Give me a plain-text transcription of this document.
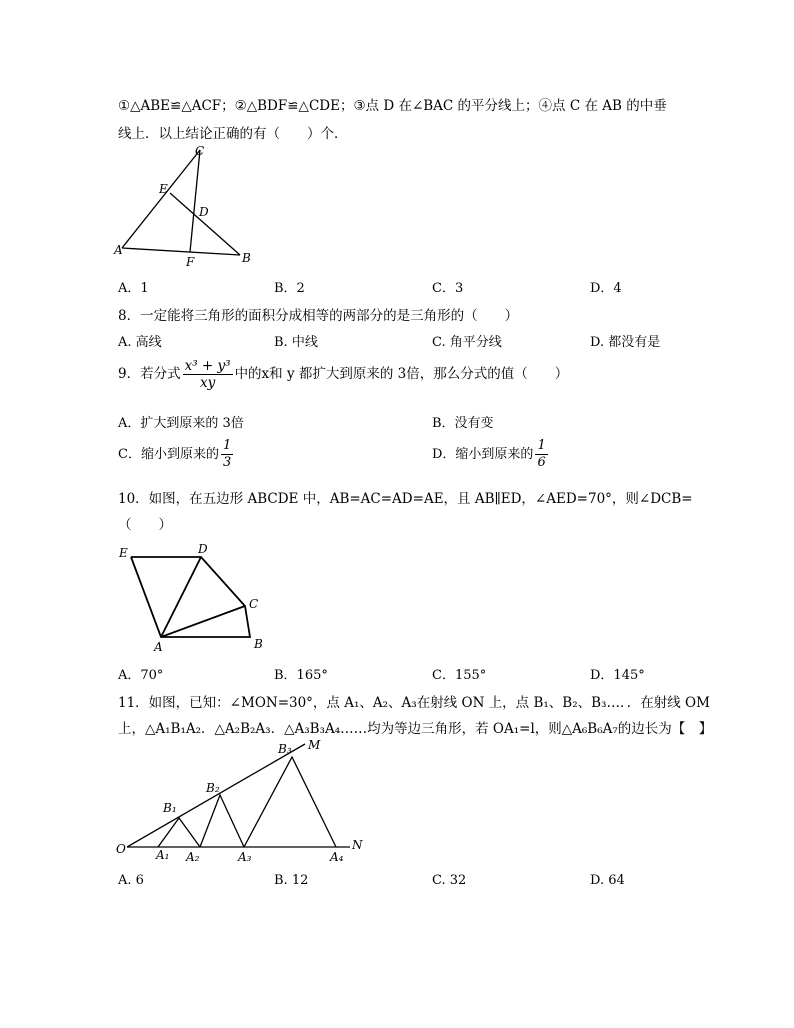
①△ABE≌△ACF；②△BDF≌△CDE；③点 D 在∠BAC 的平分线上；④点 C 在 AB 的中垂
线上．以上结论正确的有（　　）个．
C
E
D
A
F	B
A．1	B．2	C．3	D．4
8．一定能将三角形的面积分成相等的两部分的是三角形的（　　）
A. 高线	B. 中线	C. 角平分线	D. 都没有是
9．若分式 $\frac{\text{x³ + y³}}{xy}$ 中的x和 y 都扩大到原来的 3倍，那么分式的值（　　）
A．扩大到原来的 3倍	B．没有变
C．缩小到原来的 $\frac{1}{3}$	D．缩小到原来的 $\frac{1}{6}$
10．如图，在五边形 ABCDE 中，AB=AC=AD=AE，且 AB∥ED，∠AED=70°，则∠DCB=
（　　）
E	D
C
A	B
A．70°	B．165°	C．155°	D．145°
11．如图，已知：∠MON=30°，点 A₁、A₂、A₃在射线 ON 上，点 B₁、B₂、B₃…．．在射线 OM
上，△A₁B₁A₂．△A₂B₂A₃．△A₃B₃A₄……均为等边三角形，若 OA₁=l，则△A₆B₆A₇的边长为【　】
O	A₁ A₂	A₃	A₄
B₁
B₂
B₃ M
N
A. 6	B. 12	C. 32	D. 64
